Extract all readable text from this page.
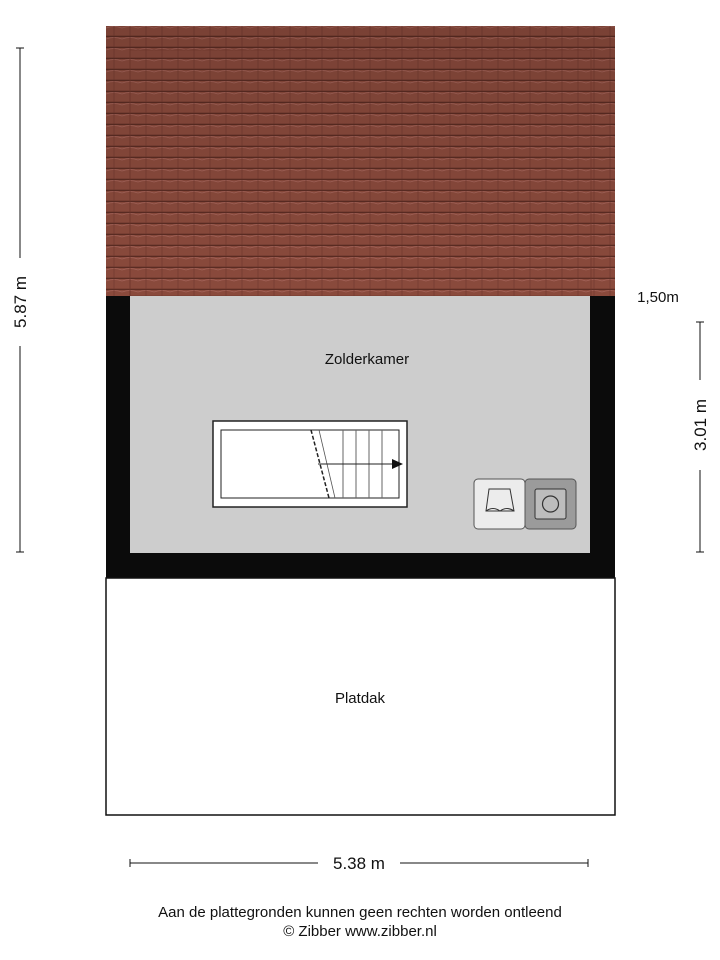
Zolderkamer
Platdak
5.87 m
3.01 m
1,50m
5.38 m
Aan de plattegronden kunnen geen rechten worden ontleend
© Zibber www.zibber.nl
